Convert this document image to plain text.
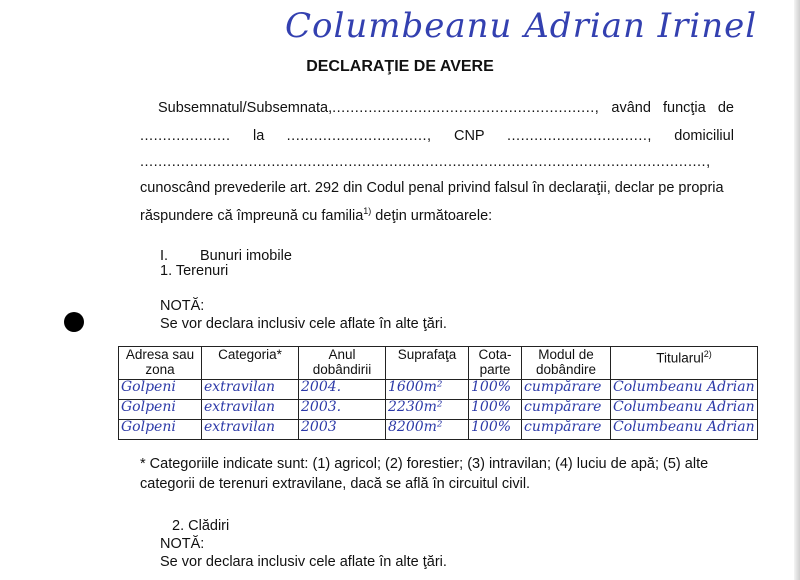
Columbeanu Adrian Irinel
DECLARAŢIE DE AVERE
Subsemnatul/Subsemnata,.........................................................., având funcţia de
.................... la ..............................., CNP ..............................., domiciliul
.............................................................................................................................,
cunoscând prevederile art. 292 din Codul penal privind falsul în declaraţii, declar pe propria
răspundere că împreună cu familia$^{1)}$ deţin următoarele:
I. Bunuri imobile
1. Terenuri
NOTĂ:
Se vor declara inclusiv cele aflate în alte ţări.
Adresa sau zona	Categoria*	Anul dobândirii	Suprafaţa	Cota-parte	Modul de dobândire	Titularul$^{2)}$
Golpeni	extravilan	2004.	1600m²	100%	cumpărare	Columbeanu Adrian
Golpeni	extravilan	2003.	2230m²	100%	cumpărare	Columbeanu Adrian
Golpeni	extravilan	2003	8200m²	100%	cumpărare	Columbeanu Adrian
* Categoriile indicate sunt: (1) agricol; (2) forestier; (3) intravilan; (4) luciu de apă; (5) alte
categorii de terenuri extravilane, dacă se află în circuitul civil.
2. Clădiri
NOTĂ:
Se vor declara inclusiv cele aflate în alte ţări.
